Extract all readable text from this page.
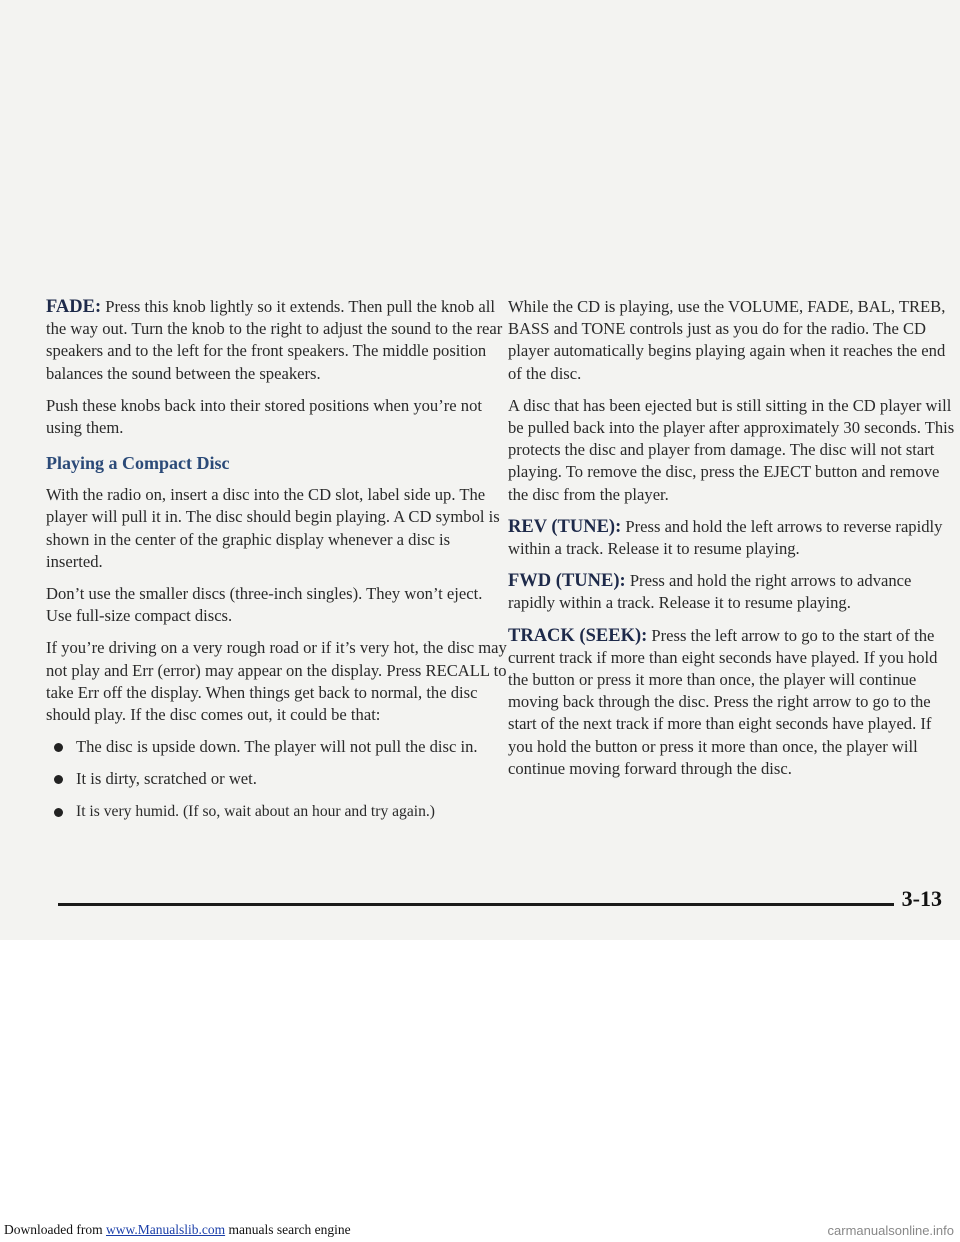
FADE: Press this knob lightly so it extends. Then pull the knob all the way out. Turn the knob to the right to adjust the sound to the rear speakers and to the left for the front speakers. The middle position balances the sound between the speakers.

Push these knobs back into their stored positions when you’re not using them.

Playing a Compact Disc

With the radio on, insert a disc into the CD slot, label side up. The player will pull it in. The disc should begin playing. A CD symbol is shown in the center of the graphic display whenever a disc is inserted.

Don’t use the smaller discs (three-inch singles). They won’t eject. Use full-size compact discs.

If you’re driving on a very rough road or if it’s very hot, the disc may not play and Err (error) may appear on the display. Press RECALL to take Err off the display. When things get back to normal, the disc should play. If the disc comes out, it could be that:

The disc is upside down. The player will not pull the disc in.
It is dirty, scratched or wet.
It is very humid. (If so, wait about an hour and try again.)

While the CD is playing, use the VOLUME, FADE, BAL, TREB, BASS and TONE controls just as you do for the radio. The CD player automatically begins playing again when it reaches the end of the disc.

A disc that has been ejected but is still sitting in the CD player will be pulled back into the player after approximately 30 seconds. This protects the disc and player from damage. The disc will not start playing. To remove the disc, press the EJECT button and remove the disc from the player.

REV (TUNE): Press and hold the left arrows to reverse rapidly within a track. Release it to resume playing.

FWD (TUNE): Press and hold the right arrows to advance rapidly within a track. Release it to resume playing.

TRACK (SEEK): Press the left arrow to go to the start of the current track if more than eight seconds have played. If you hold the button or press it more than once, the player will continue moving back through the disc. Press the right arrow to go to the start of the next track if more than eight seconds have played. If you hold the button or press it more than once, the player will continue moving forward through the disc.

3-13
Downloaded from www.Manualslib.com manuals search engine	carmanualsonline.info
